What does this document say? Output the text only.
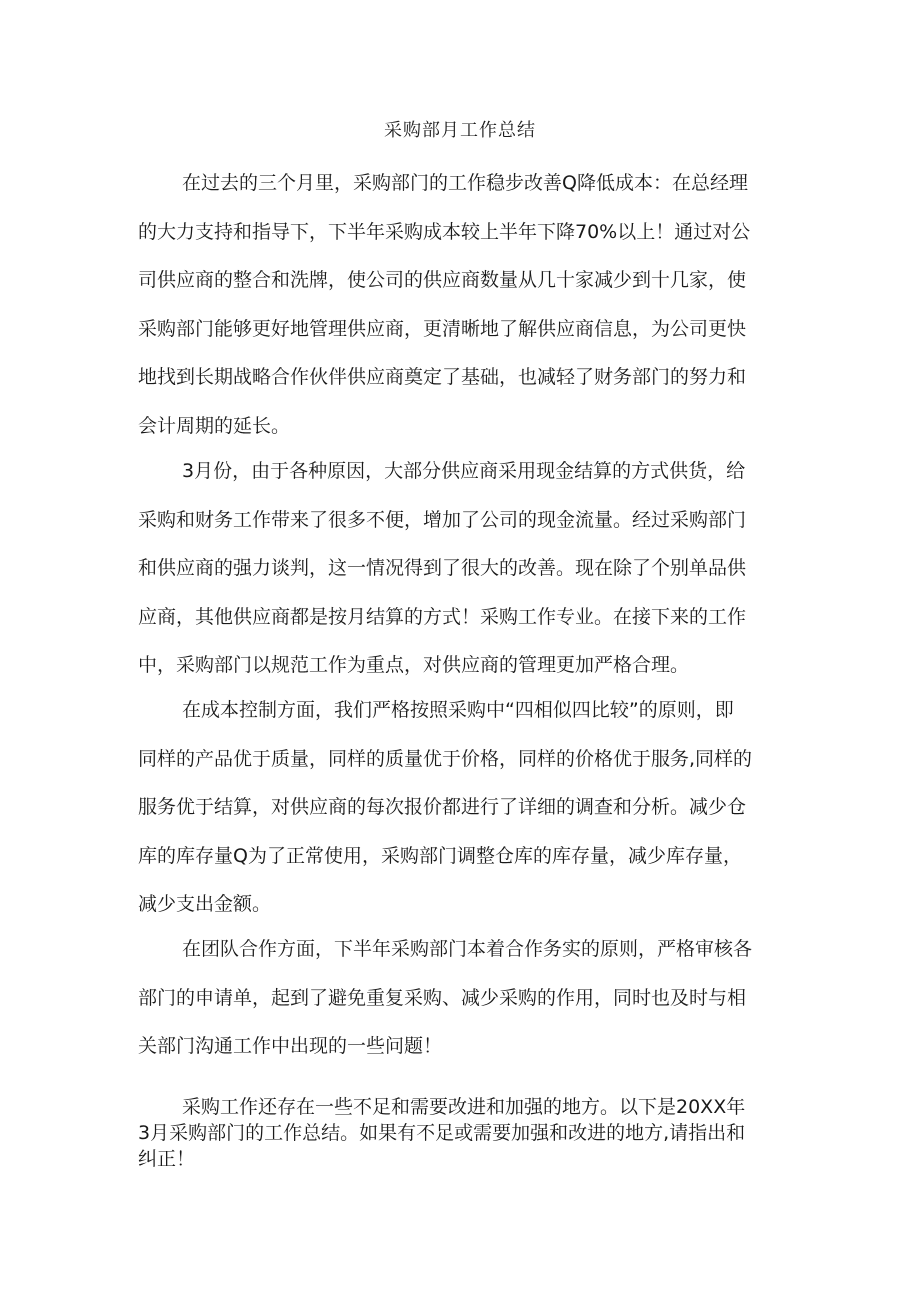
采购部月工作总结
在过去的三个月里，采购部门的工作稳步改善Q降低成本：在总经理
的大力支持和指导下，下半年采购成本较上半年下降70%以上！通过对公
司供应商的整合和洗牌，使公司的供应商数量从几十家减少到十几家，使
采购部门能够更好地管理供应商，更清晰地了解供应商信息，为公司更快
地找到长期战略合作伙伴供应商奠定了基础，也减轻了财务部门的努力和
会计周期的延长。
3月份，由于各种原因，大部分供应商采用现金结算的方式供货，给
采购和财务工作带来了很多不便，增加了公司的现金流量。经过采购部门
和供应商的强力谈判，这一情况得到了很大的改善。现在除了个别单品供
应商，其他供应商都是按月结算的方式！采购工作专业。在接下来的工作
中，采购部门以规范工作为重点，对供应商的管理更加严格合理。
在成本控制方面，我们严格按照采购中“四相似四比较”的原则，即
同样的产品优于质量，同样的质量优于价格，同样的价格优于服务,同样的
服务优于结算，对供应商的每次报价都进行了详细的调查和分析。减少仓
库的库存量Q为了正常使用，采购部门调整仓库的库存量，减少库存量，
减少支出金额。
在团队合作方面，下半年采购部门本着合作务实的原则，严格审核各
部门的申请单，起到了避免重复采购、减少采购的作用，同时也及时与相
关部门沟通工作中出现的一些问题！
采购工作还存在一些不足和需要改进和加强的地方。以下是20XX年
3月采购部门的工作总结。如果有不足或需要加强和改进的地方,请指出和
纠正！
